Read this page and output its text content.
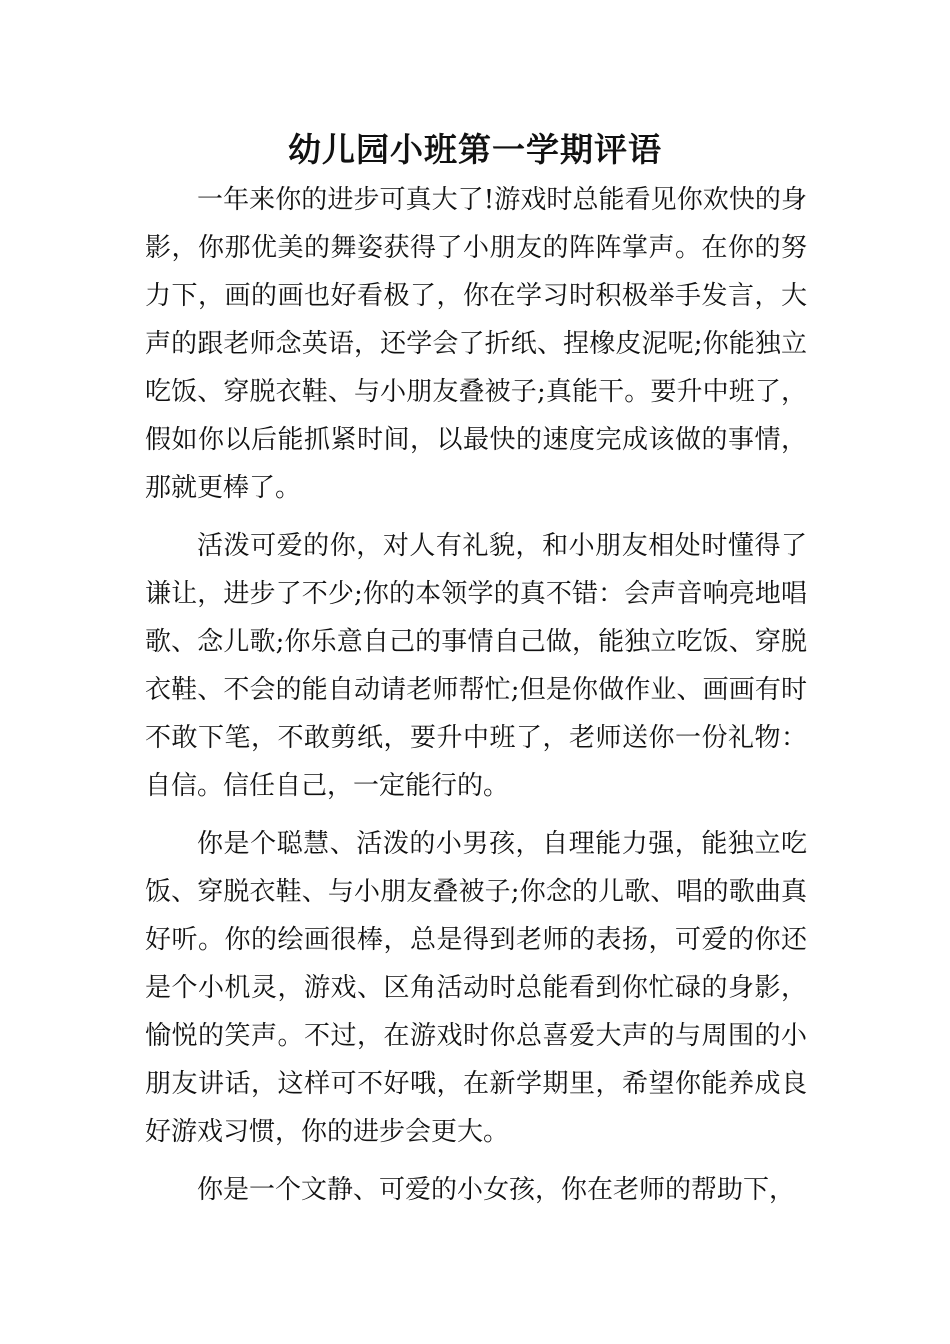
幼儿园小班第一学期评语

一年来你的进步可真大了!游戏时总能看见你欢快的身影，你那优美的舞姿获得了小朋友的阵阵掌声。在你的努力下，画的画也好看极了，你在学习时积极举手发言，大声的跟老师念英语，还学会了折纸、捏橡皮泥呢;你能独立吃饭、穿脱衣鞋、与小朋友叠被子;真能干。要升中班了，假如你以后能抓紧时间，以最快的速度完成该做的事情，那就更棒了。

活泼可爱的你，对人有礼貌，和小朋友相处时懂得了谦让，进步了不少;你的本领学的真不错：会声音响亮地唱歌、念儿歌;你乐意自己的事情自己做，能独立吃饭、穿脱衣鞋、不会的能自动请老师帮忙;但是你做作业、画画有时不敢下笔，不敢剪纸，要升中班了，老师送你一份礼物：自信。信任自己，一定能行的。

你是个聪慧、活泼的小男孩，自理能力强，能独立吃饭、穿脱衣鞋、与小朋友叠被子;你念的儿歌、唱的歌曲真好听。你的绘画很棒，总是得到老师的表扬，可爱的你还是个小机灵，游戏、区角活动时总能看到你忙碌的身影，愉悦的笑声。不过，在游戏时你总喜爱大声的与周围的小朋友讲话，这样可不好哦，在新学期里，希望你能养成良好游戏习惯，你的进步会更大。

你是一个文静、可爱的小女孩，你在老师的帮助下，
